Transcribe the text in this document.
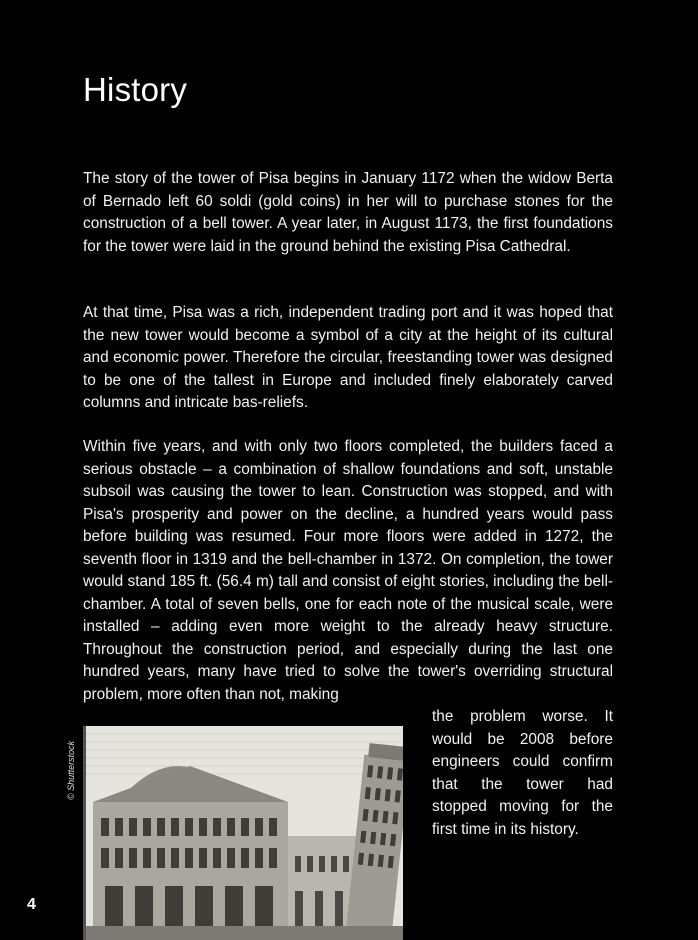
History

The story of the tower of Pisa begins in January 1172 when the widow Berta of Bernado left 60 soldi (gold coins) in her will to purchase stones for the construction of a bell tower. A year later, in August 1173, the first foundations for the tower were laid in the ground behind the existing Pisa Cathedral.

At that time, Pisa was a rich, independent trading port and it was hoped that the new tower would become a symbol of a city at the height of its cultural and economic power. Therefore the circular, freestanding tower was designed to be one of the tallest in Europe and included finely elaborately carved columns and intricate bas-reliefs.

Within five years, and with only two floors completed, the builders faced a serious obstacle – a combination of shallow foundations and soft, unstable subsoil was causing the tower to lean. Construction was stopped, and with Pisa's prosperity and power on the decline, a hundred years would pass before building was resumed. Four more floors were added in 1272, the seventh floor in 1319 and the bell-chamber in 1372. On completion, the tower would stand 185 ft. (56.4 m) tall and consist of eight stories, including the bell-chamber. A total of seven bells, one for each note of the musical scale, were installed – adding even more weight to the already heavy structure. Throughout the construction period, and especially during the last one hundred years, many have tried to solve the tower's overriding structural problem, more often than not, making

the problem worse. It would be 2008 before engineers could confirm that the tower had stopped moving for the first time in its history.

© Shutterstock
4
